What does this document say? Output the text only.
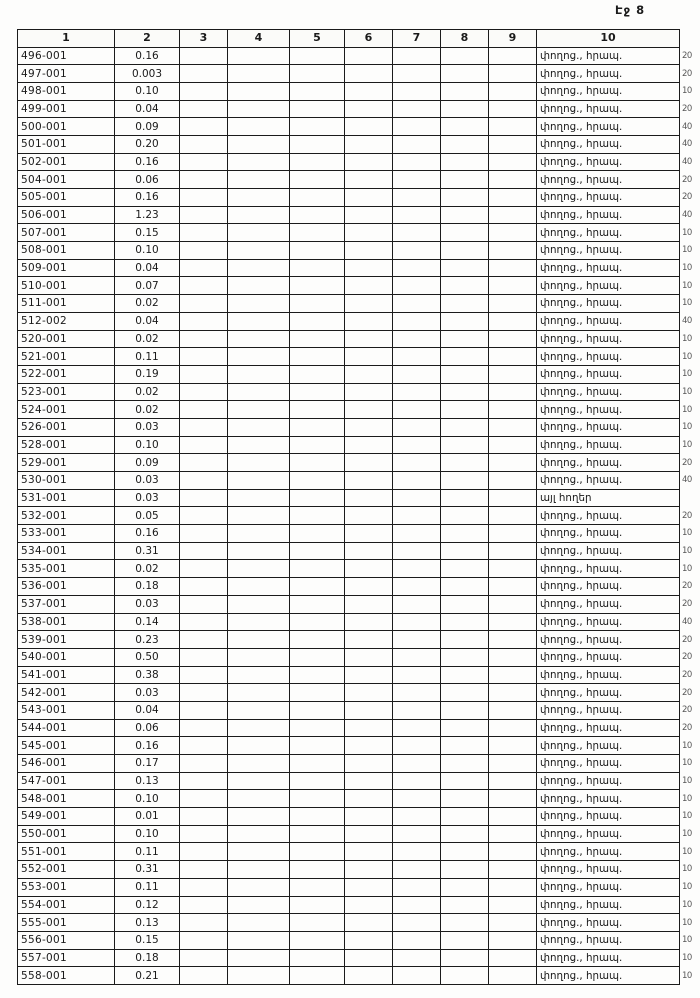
Էջ 8
1	2	3	4	5	6	7	8	9	10	
496-001	0.16								փողոց., հրապ.	20
497-001	0.003								փողոց., հրապ.	20
498-001	0.10								փողոց., հրապ.	10
499-001	0.04								փողոց., հրապ.	20
500-001	0.09								փողոց., հրապ.	40
501-001	0.20								փողոց., հրապ.	40
502-001	0.16								փողոց., հրապ.	40
504-001	0.06								փողոց., հրապ.	20
505-001	0.16								փողոց., հրապ.	20
506-001	1.23								փողոց., հրապ.	40
507-001	0.15								փողոց., հրապ.	10
508-001	0.10								փողոց., հրապ.	10
509-001	0.04								փողոց., հրապ.	10
510-001	0.07								փողոց., հրապ.	10
511-001	0.02								փողոց., հրապ.	10
512-002	0.04								փողոց., հրապ.	40
520-001	0.02								փողոց., հրապ.	10
521-001	0.11								փողոց., հրապ.	10
522-001	0.19								փողոց., հրապ.	10
523-001	0.02								փողոց., հրապ.	10
524-001	0.02								փողոց., հրապ.	10
526-001	0.03								փողոց., հրապ.	10
528-001	0.10								փողոց., հրապ.	10
529-001	0.09								փողոց., հրապ.	20
530-001	0.03								փողոց., հրապ.	40
531-001	0.03								այլ հողեր	
532-001	0.05								փողոց., հրապ.	20
533-001	0.16								փողոց., հրապ.	10
534-001	0.31								փողոց., հրապ.	10
535-001	0.02								փողոց., հրապ.	10
536-001	0.18								փողոց., հրապ.	20
537-001	0.03								փողոց., հրապ.	20
538-001	0.14								փողոց., հրապ.	40
539-001	0.23								փողոց., հրապ.	20
540-001	0.50								փողոց., հրապ.	20
541-001	0.38								փողոց., հրապ.	20
542-001	0.03								փողոց., հրապ.	20
543-001	0.04								փողոց., հրապ.	20
544-001	0.06								փողոց., հրապ.	20
545-001	0.16								փողոց., հրապ.	10
546-001	0.17								փողոց., հրապ.	10
547-001	0.13								փողոց., հրապ.	10
548-001	0.10								փողոց., հրապ.	10
549-001	0.01								փողոց., հրապ.	10
550-001	0.10								փողոց., հրապ.	10
551-001	0.11								փողոց., հրապ.	10
552-001	0.31								փողոց., հրապ.	10
553-001	0.11								փողոց., հրապ.	10
554-001	0.12								փողոց., հրապ.	10
555-001	0.13								փողոց., հրապ.	10
556-001	0.15								փողոց., հրապ.	10
557-001	0.18								փողոց., հրապ.	10
558-001	0.21								փողոց., հրապ.	10
